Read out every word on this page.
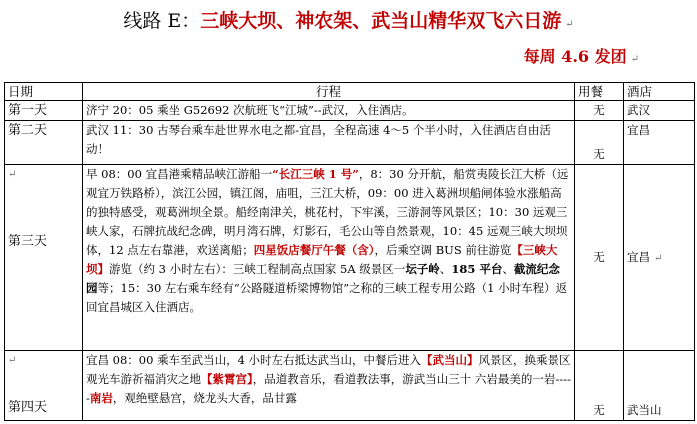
线路 E：三峡大坝、神农架、武当山精华双飞六日游 ↵
每周 4.6 发团 ↵
日期	行程	用餐	酒店
第一天	济宁 20：05 乘坐 G52692 次航班飞“江城”--武汉，入住酒店。	无	武汉
第二天	武汉 11：30 古琴台乘车赴世界水电之都-宜昌，全程高速 4～5 个半小时，入住酒店自由活动！	无	宜昌

↵
第三天	早 08：00 宜昌港乘精品峡江游船一“长江三峡 1 号”，8：30 分开航，船赏夷陵长江大桥（远观宜万铁路桥），滨江公园，镇江阁，庙咀，三江大桥，09：00 进入葛洲坝船闸体验水涨船高的独特感受，观葛洲坝全景。船经南津关，桃花村，下牢溪，三游洞等风景区；10：30 远观三峡人家，石牌抗战纪念碑，明月湾石牌，灯影石，毛公山等自然景观，10：45 远观三峡大坝坝体，12 点左右靠港，欢送离船；四星饭店餐厅午餐（含），后乘空调 BUS 前往游览【三峡大坝】游览（约 3 小时左右）：三峡工程制高点国家 5A 级景区一坛子岭、185 平台、截流纪念园等；15：30 左右乘车经有“公路隧道桥梁博物馆”之称的三峡工程专用公路（1 小时车程）返回宜昌城区入住酒店。	无	宜昌 ↵

↵
第四天	宜昌 08：00 乘车至武当山，4 小时左右抵达武当山，中餐后进入【武当山】风景区，换乘景区观光车游祈福消灾之地【紫霄宫】，品道教音乐，看道教法事，游武当山三十 六岩最美的一岩-----南岩，观绝壁悬宫，烧龙头大香，品甘露	无	武当山
